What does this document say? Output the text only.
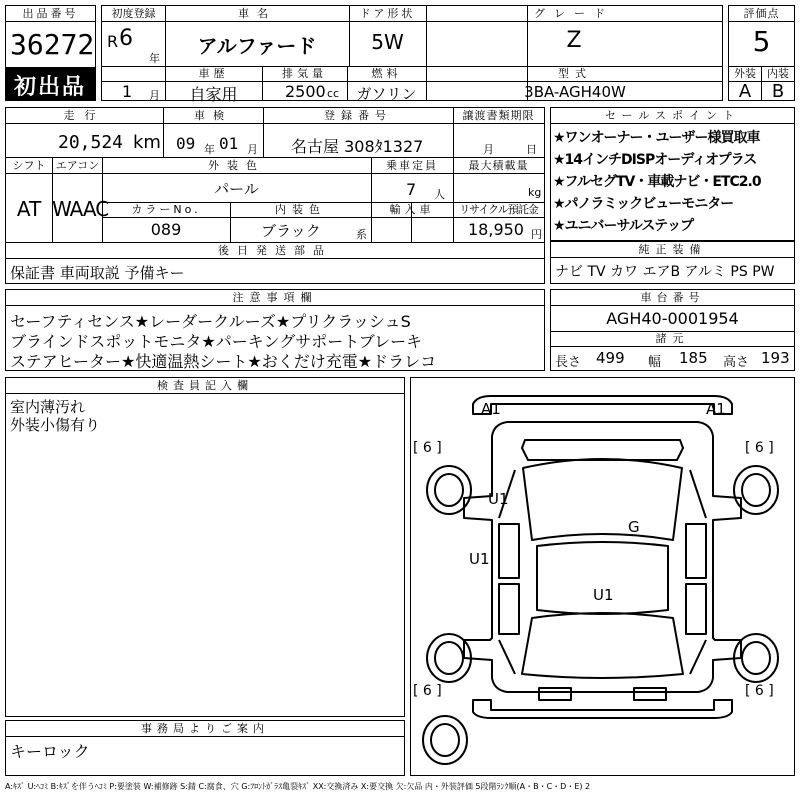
出品番号
36272
初出品
初度登録	車名	ドア形状	グレード
R 6
年
アルファード	5W	Z
車歴	排気量	燃料	型式
1 月	自家用	2500 cc	ガソリン	3BA-AGH40W
評価点
5
外装	内装
A	B
走行	車検	登録番号	譲渡書類期限
20,524 km 09 年 01 月 名古屋 308ﾀ1327	月	日
シフト エアコン	外装色	乗車定員	最大積載量
AT WAAC
パール	7 人	kg
カラーNo.	内装色	輸入車	リサイクル預託金
089	ブラック	系	18,950 円
後日発送部品
保証書 車両取説 予備キー
セールスポイント
★ワンオーナー・ユーザー様買取車
★14インチDISPオーディオプラス
★フルセグTV・車載ナビ・ETC2.0
★パノラミックビューモニター
★ユニバーサルステップ
純正装備
ナビ TV カワ エアB アルミ PS PW
注意事項欄
セーフティセンス★レーダークルーズ★プリクラッシュS
ブラインドスポットモニタ★パーキングサポートブレーキ
ステアヒーター★快適温熱シート★おくだけ充電★ドラレコ
車台番号
AGH40-0001954
諸元
長さ 499 幅 185 高さ 193
検査員記入欄
室内薄汚れ
外装小傷有り
事務局よりご案内
キーロック
A1	A1
U1
U1
G
U1
[ 6 ]	[ 6 ]
[ 6 ]	[ 6 ]
A:ｷｽﾞ U:ﾍｺﾐ B:ｷｽﾞを伴うﾍｺﾐ P:要塗装 W:補修跡 S:錆 C:腐食、穴 G:ﾌﾛﾝﾄｶﾞﾗｽ亀裂ｷｽﾞ XX:交換済み X:要交換 欠:欠品 内・外装評価 5段階ﾗﾝｸ順(A・B・C・D・E) 2
